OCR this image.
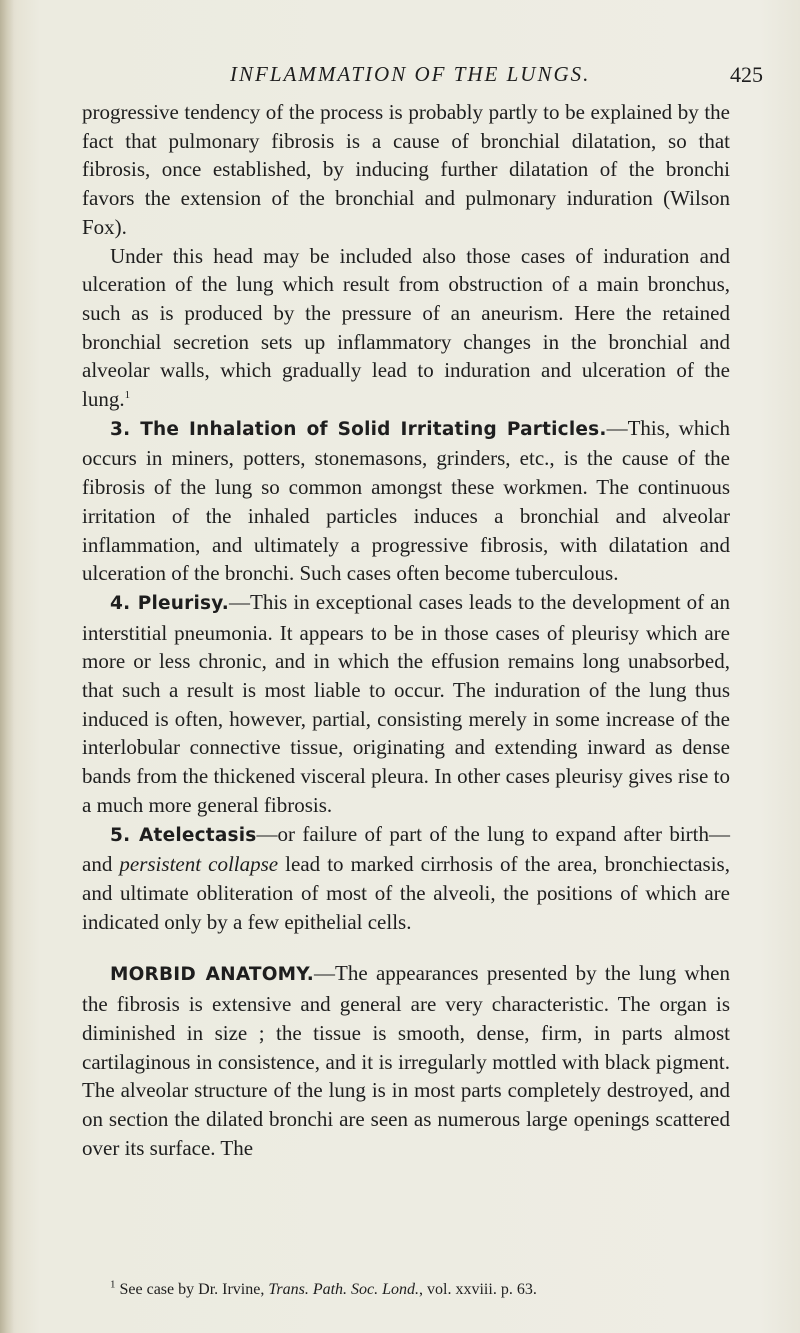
INFLAMMATION OF THE LUNGS.	425

progressive tendency of the process is probably partly to be explained by the fact that pulmonary fibrosis is a cause of bronchial dilatation, so that fibrosis, once established, by inducing further dilatation of the bronchi favors the extension of the bronchial and pulmonary induration (Wilson Fox).

Under this head may be included also those cases of induration and ulceration of the lung which result from obstruction of a main bronchus, such as is produced by the pressure of an aneurism. Here the retained bronchial secretion sets up inflammatory changes in the bronchial and alveolar walls, which gradually lead to induration and ulceration of the lung.$^1$

3. The Inhalation of Solid Irritating Particles.—This, which occurs in miners, potters, stonemasons, grinders, etc., is the cause of the fibrosis of the lung so common amongst these workmen. The continuous irritation of the inhaled particles induces a bronchial and alveolar inflammation, and ultimately a progressive fibrosis, with dilatation and ulceration of the bronchi. Such cases often become tuberculous.

4. Pleurisy.—This in exceptional cases leads to the development of an interstitial pneumonia. It appears to be in those cases of pleurisy which are more or less chronic, and in which the effusion remains long unabsorbed, that such a result is most liable to occur. The induration of the lung thus induced is often, however, partial, consisting merely in some increase of the interlobular connective tissue, originating and extending inward as dense bands from the thickened visceral pleura. In other cases pleurisy gives rise to a much more general fibrosis.

5. Atelectasis—or failure of part of the lung to expand after birth—and persistent collapse lead to marked cirrhosis of the area, bronchiectasis, and ultimate obliteration of most of the alveoli, the positions of which are indicated only by a few epithelial cells.

MORBID ANATOMY.—The appearances presented by the lung when the fibrosis is extensive and general are very characteristic. The organ is diminished in size ; the tissue is smooth, dense, firm, in parts almost cartilaginous in consistence, and it is irregularly mottled with black pigment. The alveolar structure of the lung is in most parts completely destroyed, and on section the dilated bronchi are seen as numerous large openings scattered over its surface. The

$^1$ See case by Dr. Irvine, Trans. Path. Soc. Lond., vol. xxviii. p. 63.
